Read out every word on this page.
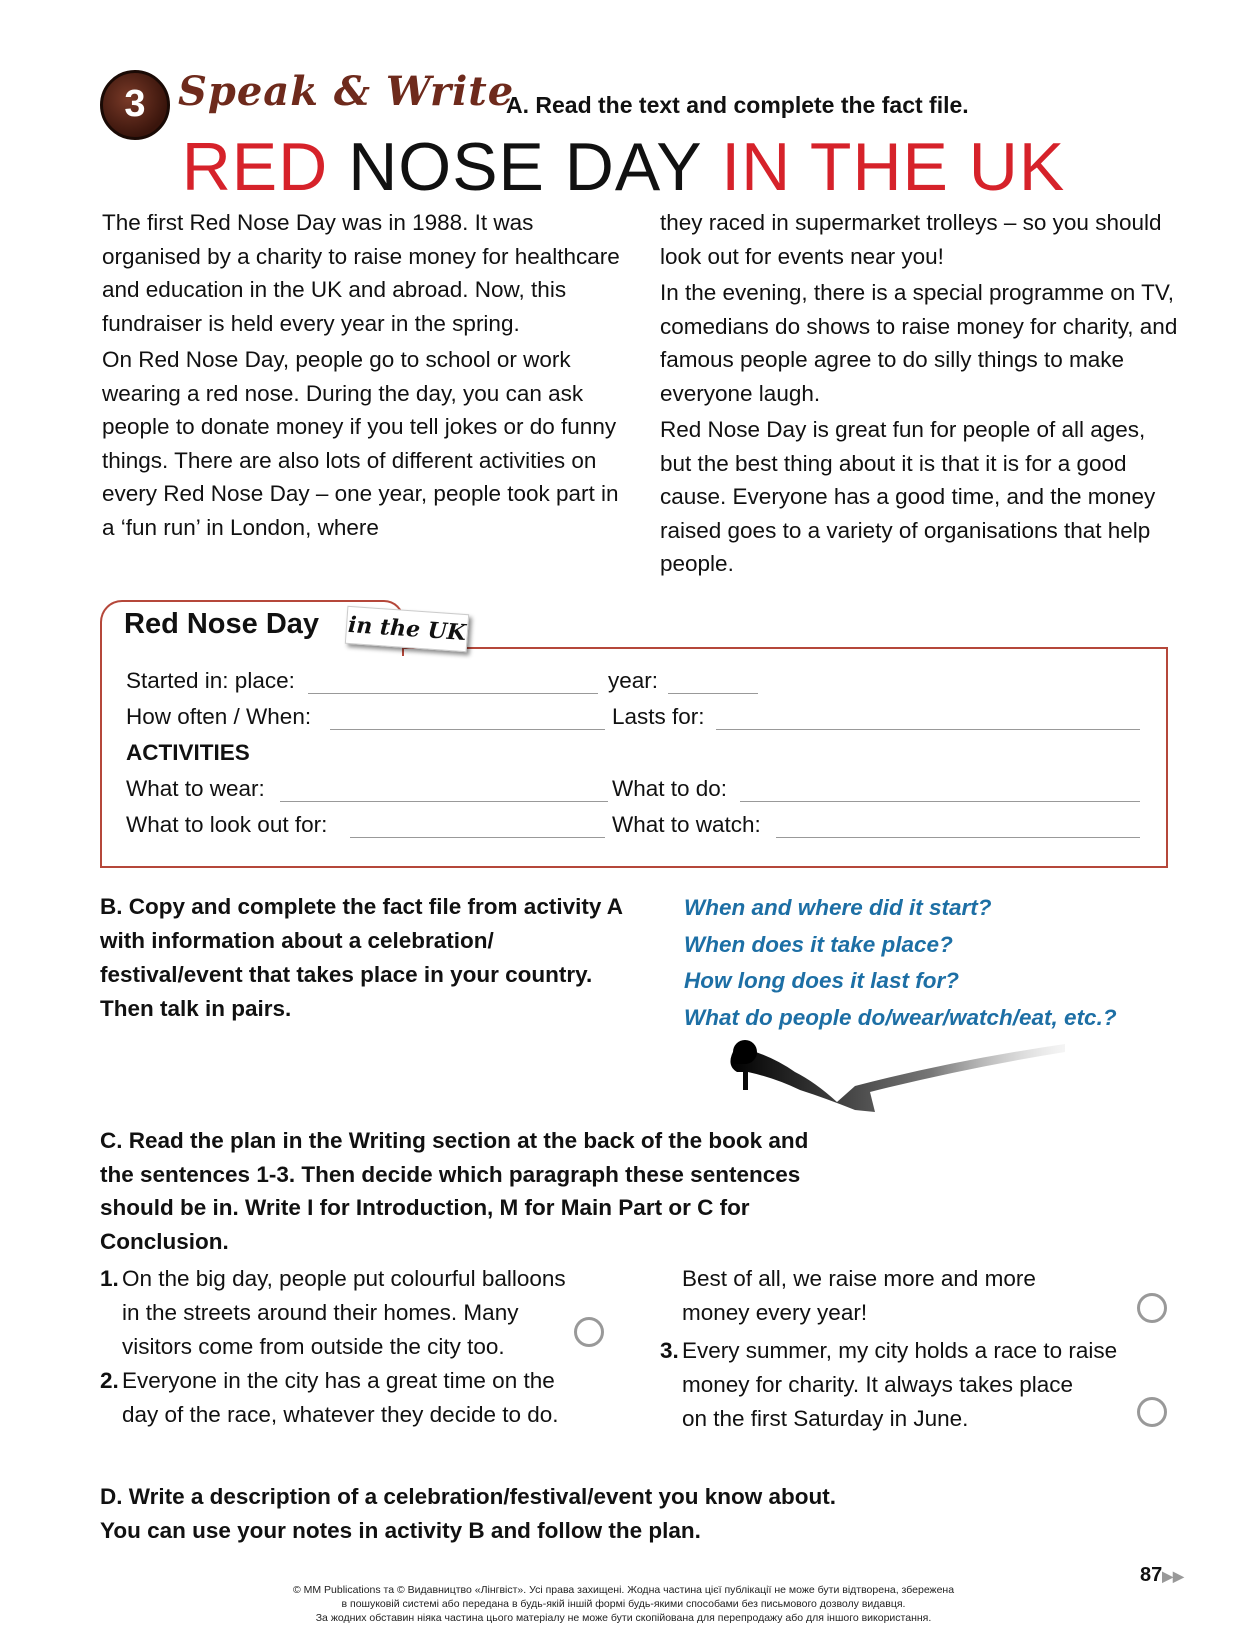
3 Speak & Write
A. Read the text and complete the fact file.
RED NOSE DAY IN THE UK

The first Red Nose Day was in 1988. It was organised by a charity to raise money for healthcare and education in the UK and abroad. Now, this fundraiser is held every year in the spring.

On Red Nose Day, people go to school or work wearing a red nose. During the day, you can ask people to donate money if you tell jokes or do funny things. There are also lots of different activities on every Red Nose Day – one year, people took part in a ‘fun run’ in London, where

they raced in supermarket trolleys – so you should look out for events near you!

In the evening, there is a special programme on TV, comedians do shows to raise money for charity, and famous people agree to do silly things to make everyone laugh.

Red Nose Day is great fun for people of all ages, but the best thing about it is that it is for a good cause. Everyone has a good time, and the money raised goes to a variety of organisations that help people.

Red Nose Day in the UK
Started in: place:	year:
How often / When:	Lasts for:
ACTIVITIES
What to wear:	What to do:
What to look out for:	What to watch:
B. Copy and complete the fact file from activity A with information about a celebration/ festival/event that takes place in your country. Then talk in pairs.
When and where did it start?
When does it take place?
How long does it last for?
What do people do/wear/watch/eat, etc.?
C. Read the plan in the Writing section at the back of the book and the sentences 1-3. Then decide which paragraph these sentences should be in. Write I for Introduction, M for Main Part or C for Conclusion.
1. On the big day, people put colourful balloons
in the streets around their homes. Many
visitors come from outside the city too.
2. Everyone in the city has a great time on the
day of the race, whatever they decide to do.
Best of all, we raise more and more
money every year!
3. Every summer, my city holds a race to raise
money for charity. It always takes place
on the first Saturday in June.
D. Write a description of a celebration/festival/event you know about. You can use your notes in activity B and follow the plan.
87▶▶
© MM Publications та © Видавництво «Лінгвіст». Усі права захищені. Жодна частина цієї публікації не може бути відтворена, збережена
в пошуковій системі або передана в будь-якій іншій формі будь-якими способами без письмового дозволу видавця.
За жодних обставин ніяка частина цього матеріалу не може бути скопійована для перепродажу або для іншого використання.
